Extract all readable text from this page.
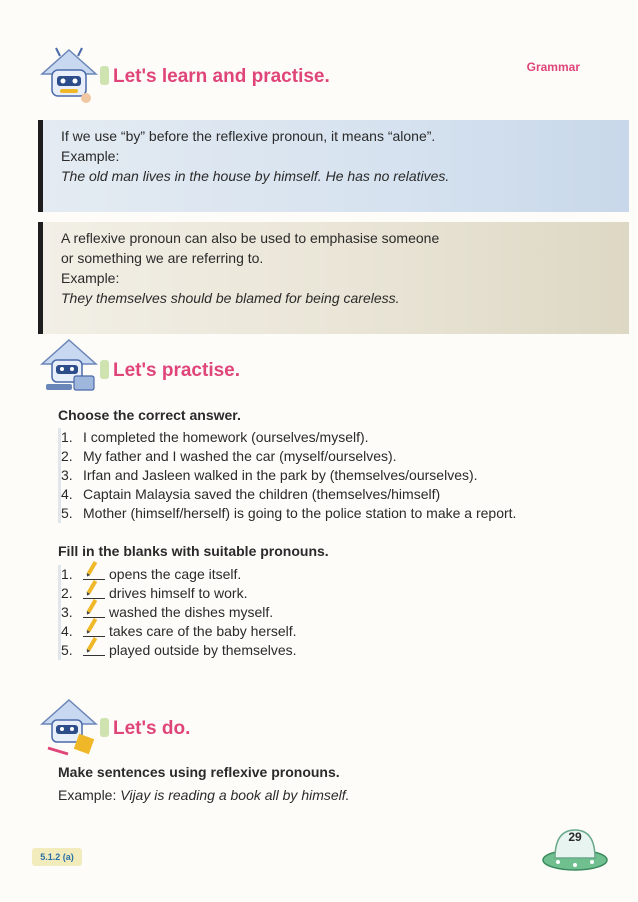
Let's learn and practise.	Grammar
If we use “by” before the reflexive pronoun, it means “alone”.
Example:
The old man lives in the house by himself. He has no relatives.
A reflexive pronoun can also be used to emphasise someone
or something we are referring to.
Example:
They themselves should be blamed for being careless.
Let's practise.
Choose the correct answer.
1. I completed the homework (ourselves/myself).
2. My father and I washed the car (myself/ourselves).
3. Irfan and Jasleen walked in the park by (themselves/ourselves).
4. Captain Malaysia saved the children (themselves/himself)
5. Mother (himself/herself) is going to the police station to make a report.
Fill in the blanks with suitable pronouns.
1.	opens the cage itself.
2.	drives himself to work.
3.	washed the dishes myself.
4.	takes care of the baby herself.
5.	played outside by themselves.
Let's do.
Make sentences using reflexive pronouns.
Example: Vijay is reading a book all by himself.
5.1.2 (a)
29
